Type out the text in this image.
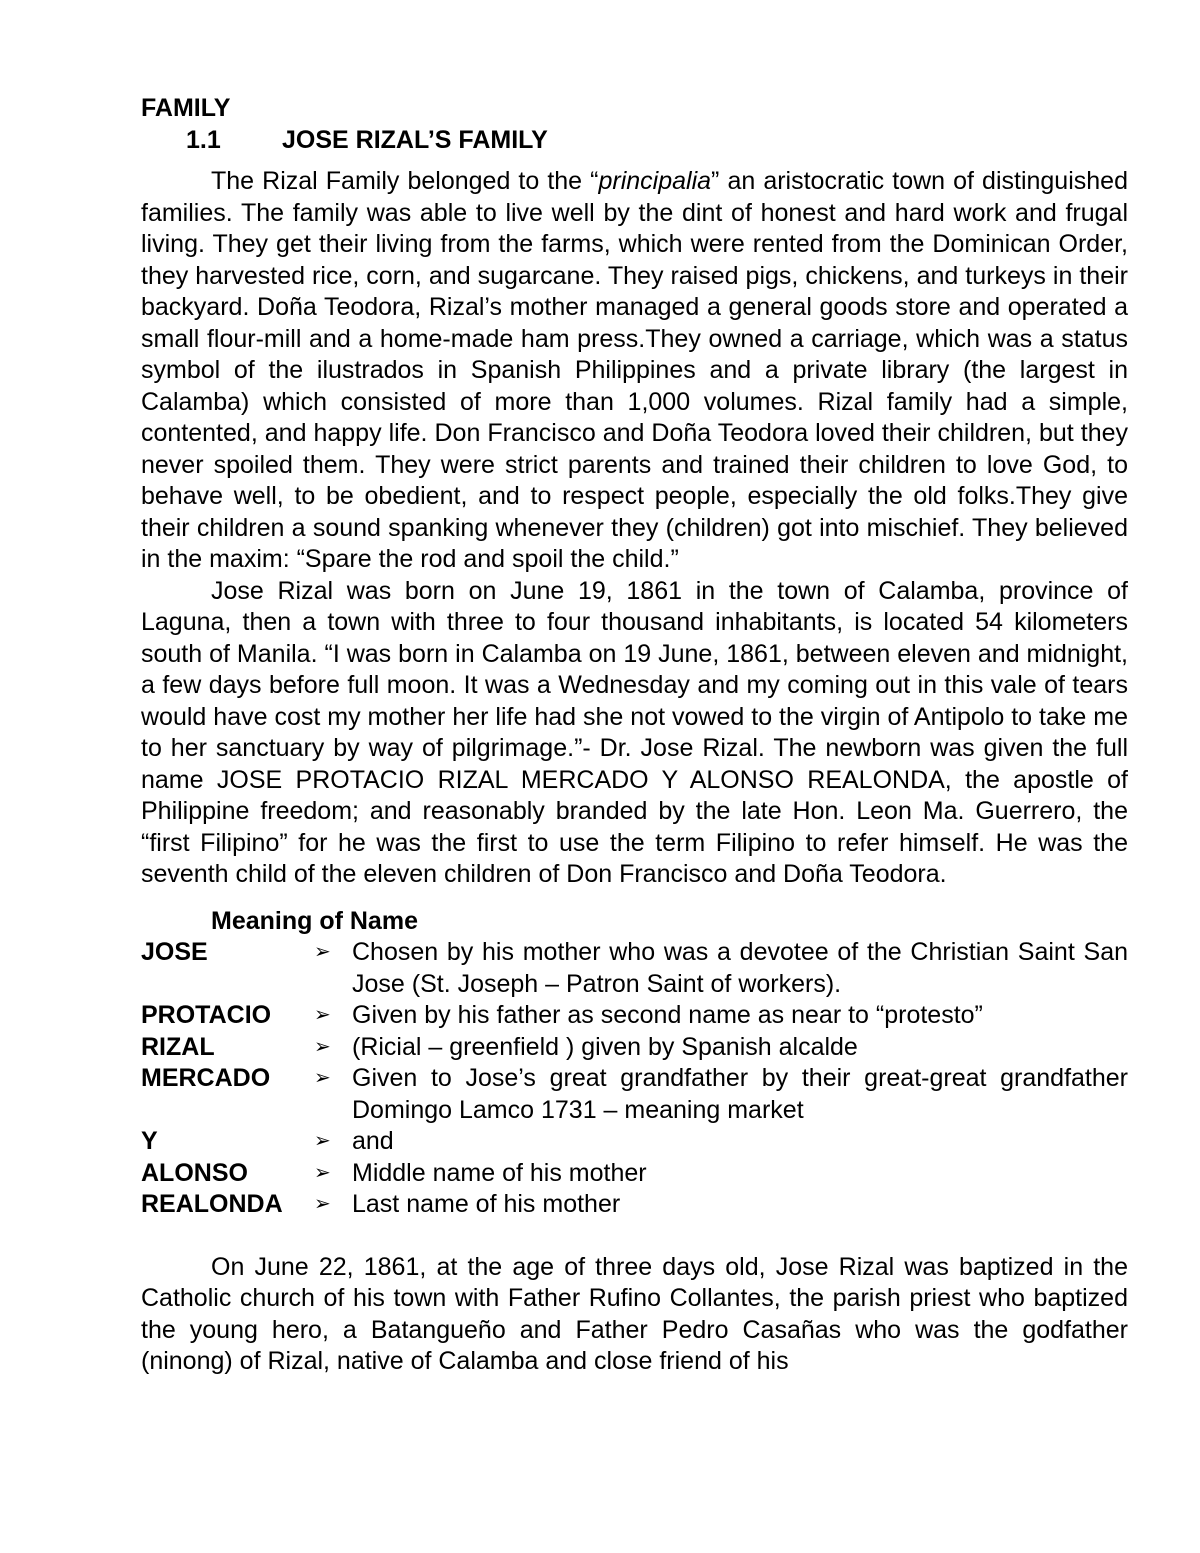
FAMILY
1.1	JOSE RIZAL’S FAMILY

The Rizal Family belonged to the “principalia” an aristocratic town of distinguished families. The family was able to live well by the dint of honest and hard work and frugal living. They get their living from the farms, which were rented from the Dominican Order, they harvested rice, corn, and sugarcane. They raised pigs, chickens, and turkeys in their backyard. Doña Teodora, Rizal’s mother managed a general goods store and operated a small flour-mill and a home-made ham press.They owned a carriage, which was a status symbol of the ilustrados in Spanish Philippines and a private library (the largest in Calamba) which consisted of more than 1,000 volumes. Rizal family had a simple, contented, and happy life. Don Francisco and Doña Teodora loved their children, but they never spoiled them. They were strict parents and trained their children to love God, to behave well, to be obedient, and to respect people, especially the old folks.They give their children a sound spanking whenever they (children) got into mischief. They believed in the maxim: “Spare the rod and spoil the child.”

Jose Rizal was born on June 19, 1861 in the town of Calamba, province of Laguna, then a town with three to four thousand inhabitants, is located 54 kilometers south of Manila. “I was born in Calamba on 19 June, 1861, between eleven and midnight, a few days before full moon. It was a Wednesday and my coming out in this vale of tears would have cost my mother her life had she not vowed to the virgin of Antipolo to take me to her sanctuary by way of pilgrimage.”- Dr. Jose Rizal. The newborn was given the full name JOSE PROTACIO RIZAL MERCADO Y ALONSO REALONDA, the apostle of Philippine freedom; and reasonably branded by the late Hon. Leon Ma. Guerrero, the “first Filipino” for he was the first to use the term Filipino to refer himself. He was the seventh child of the eleven children of Don Francisco and Doña Teodora.

Meaning of Name
JOSE	➢ Chosen by his mother who was a devotee of the Christian Saint San Jose (St. Joseph – Patron Saint of workers).
PROTACIO	➢ Given by his father as second name as near to “protesto”
RIZAL	➢ (Ricial – greenfield ) given by Spanish alcalde
MERCADO	➢ Given to Jose’s great grandfather by their great-great grandfather Domingo Lamco 1731 – meaning market
Y	➢ and
ALONSO	➢ Middle name of his mother
REALONDA	➢ Last name of his mother

On June 22, 1861, at the age of three days old, Jose Rizal was baptized in the Catholic church of his town with Father Rufino Collantes, the parish priest who baptized the young hero, a Batangueño and Father Pedro Casañas who was the godfather (ninong) of Rizal, native of Calamba and close friend of his
